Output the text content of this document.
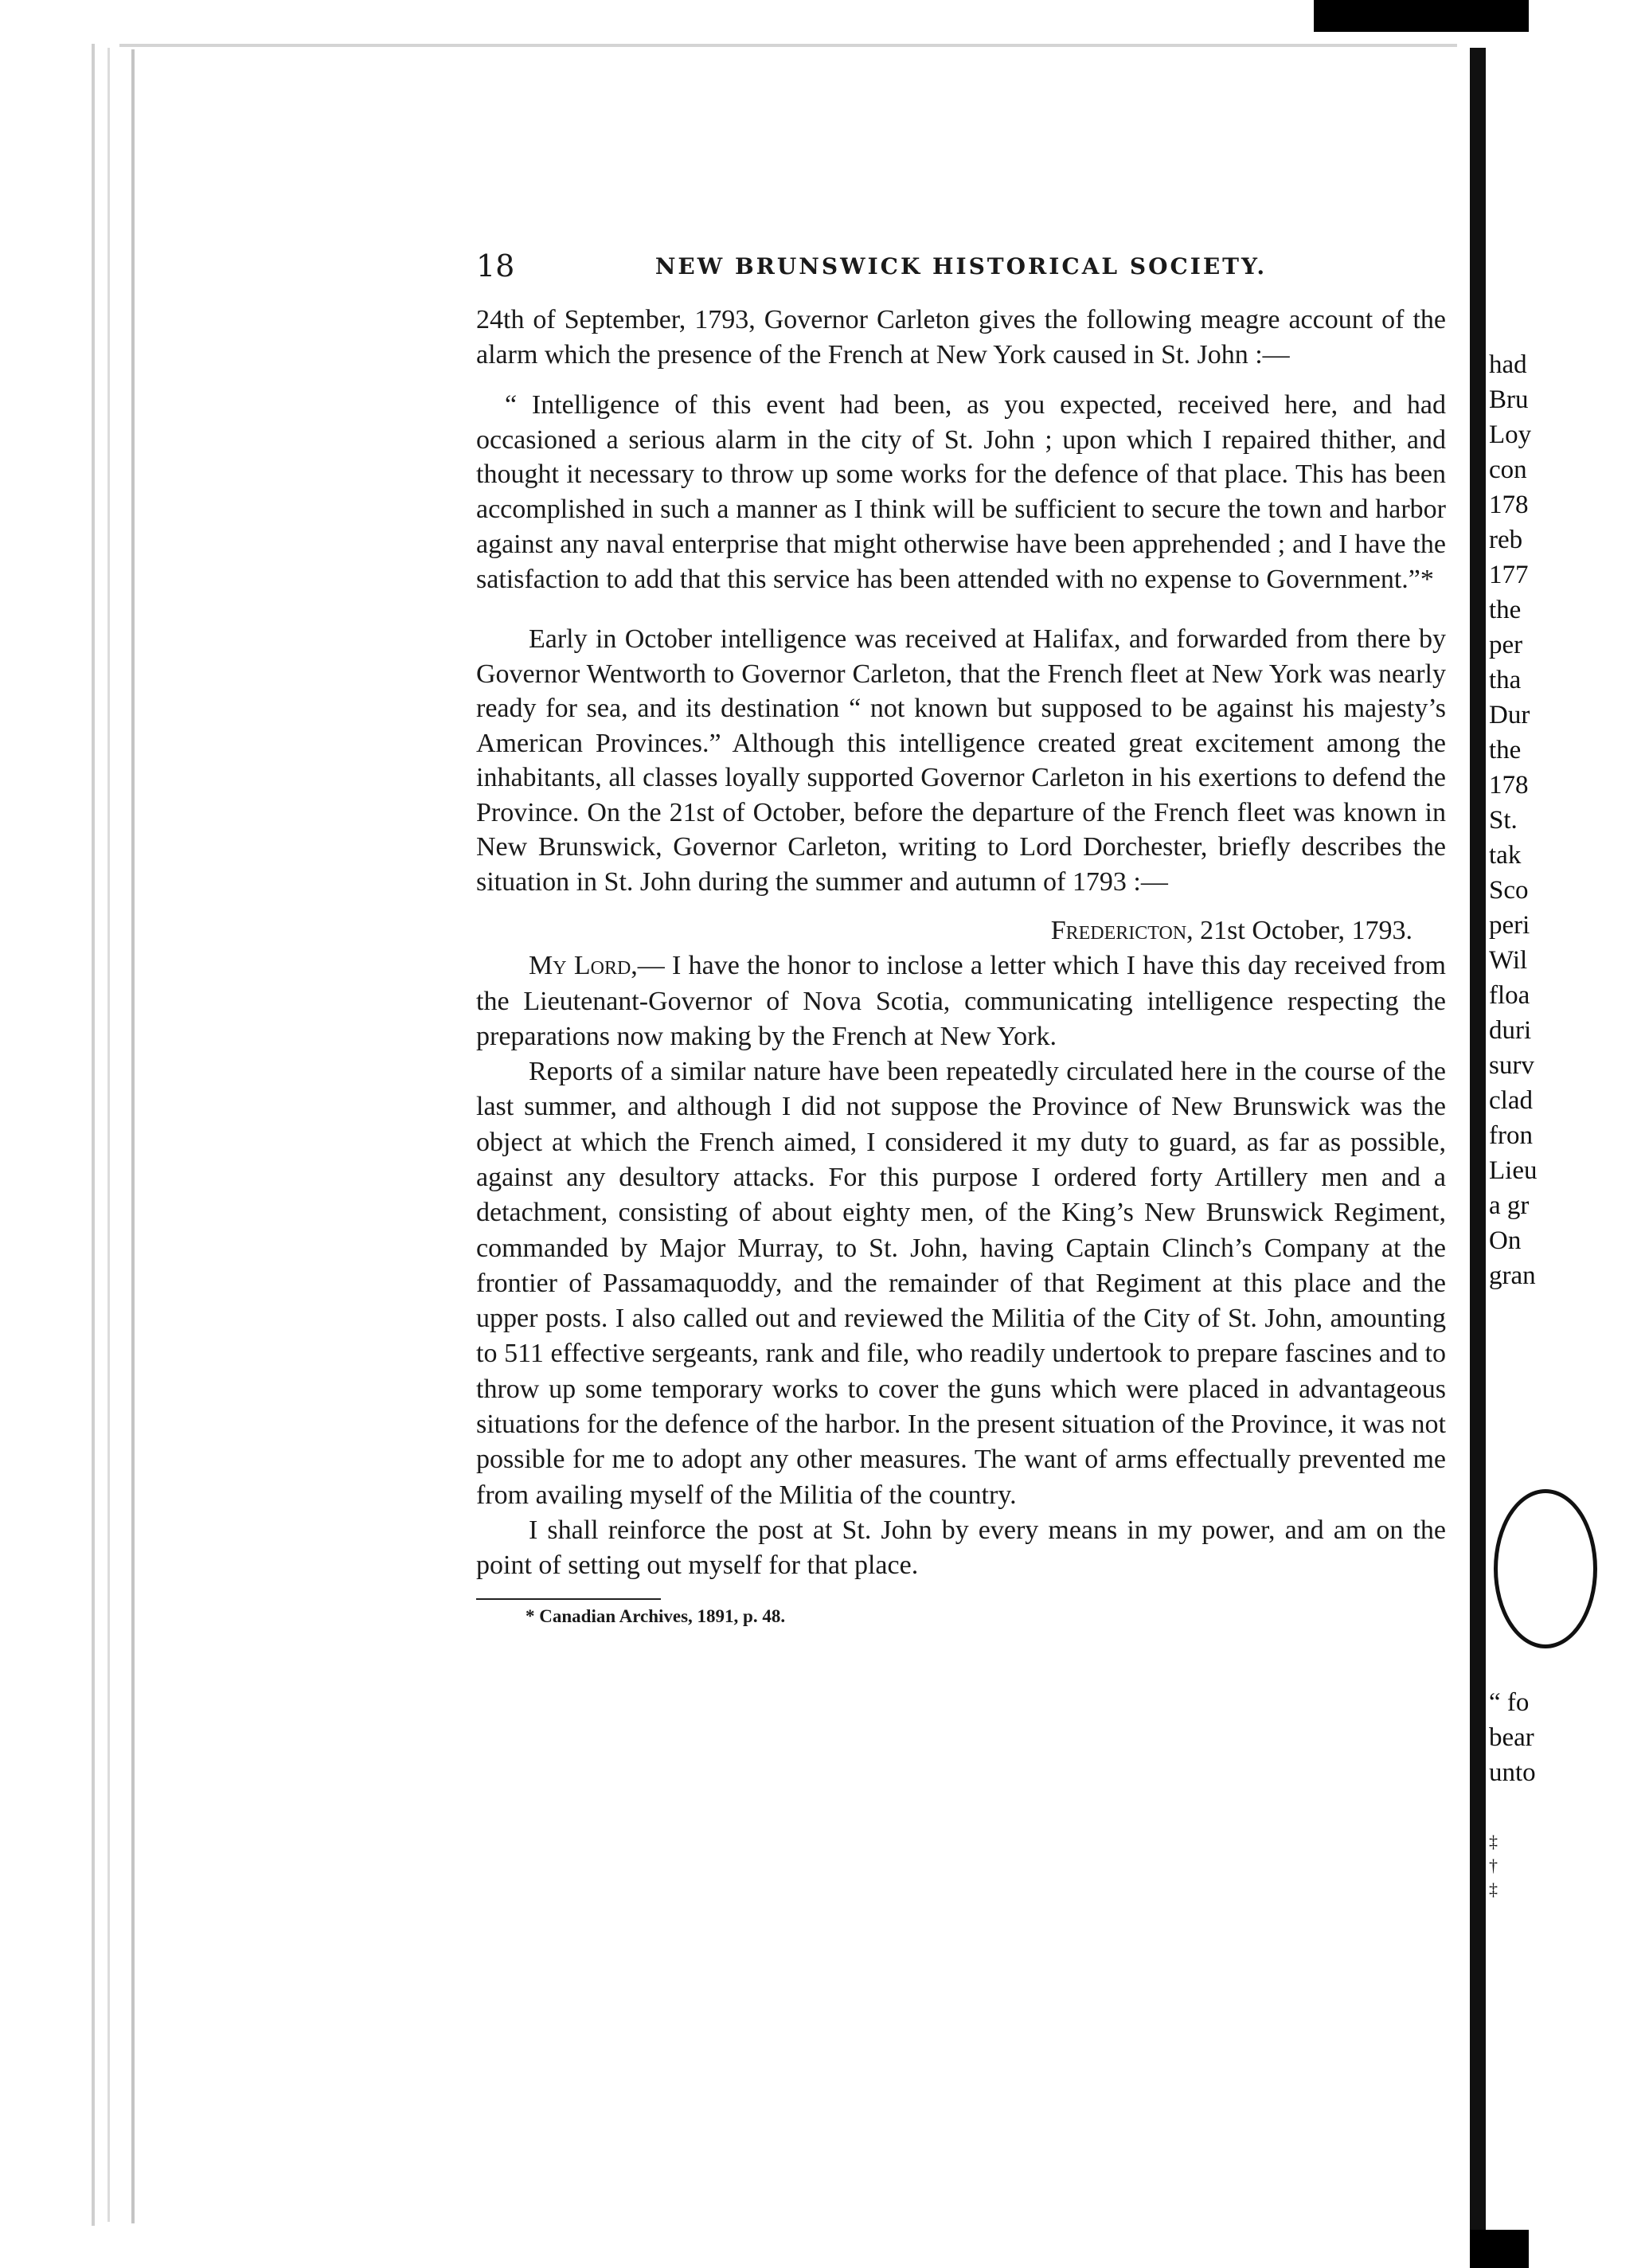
had
Bru
Loy
con
178
reb
177
the
per
tha
Dur
the
178
St.
tak
Sco
peri
Wil
floa
duri
surv
clad
fron
Lieu
a gr
On
gran
“ fo
bear
unto
‡
†
‡
18	NEW BRUNSWICK HISTORICAL SOCIETY.

24th of September, 1793, Governor Carleton gives the following meagre account of the alarm which the presence of the French at New York caused in St. John :—

“ Intelligence of this event had been, as you expected, received here, and had occasioned a serious alarm in the city of St. John ; upon which I repaired thither, and thought it necessary to throw up some works for the defence of that place. This has been accomplished in such a manner as I think will be sufficient to secure the town and harbor against any naval enterprise that might otherwise have been apprehended ; and I have the satisfaction to add that this service has been attended with no expense to Government.”*

Early in October intelligence was received at Halifax, and forwarded from there by Governor Wentworth to Governor Carleton, that the French fleet at New York was nearly ready for sea, and its destination “ not known but supposed to be against his majesty’s American Provinces.” Although this intelligence created great excitement among the inhabitants, all classes loyally supported Governor Carleton in his exertions to defend the Province. On the 21st of October, before the departure of the French fleet was known in New Brunswick, Governor Carleton, writing to Lord Dorchester, briefly describes the situation in St. John during the summer and autumn of 1793 :—

Fredericton, 21st October, 1793.

My Lord,— I have the honor to inclose a letter which I have this day received from the Lieutenant-Governor of Nova Scotia, communicating intelligence respecting the preparations now making by the French at New York.

Reports of a similar nature have been repeatedly circulated here in the course of the last summer, and although I did not suppose the Province of New Brunswick was the object at which the French aimed, I considered it my duty to guard, as far as possible, against any desultory attacks. For this purpose I ordered forty Artillery men and a detachment, consisting of about eighty men, of the King’s New Brunswick Regiment, commanded by Major Murray, to St. John, having Captain Clinch’s Company at the frontier of Passamaquoddy, and the remainder of that Regiment at this place and the upper posts. I also called out and reviewed the Militia of the City of St. John, amounting to 511 effective sergeants, rank and file, who readily undertook to prepare fascines and to throw up some temporary works to cover the guns which were placed in advantageous situations for the defence of the harbor. In the present situation of the Province, it was not possible for me to adopt any other measures. The want of arms effectually prevented me from availing myself of the Militia of the country.

I shall reinforce the post at St. John by every means in my power, and am on the point of setting out myself for that place.

* Canadian Archives, 1891, p. 48.
